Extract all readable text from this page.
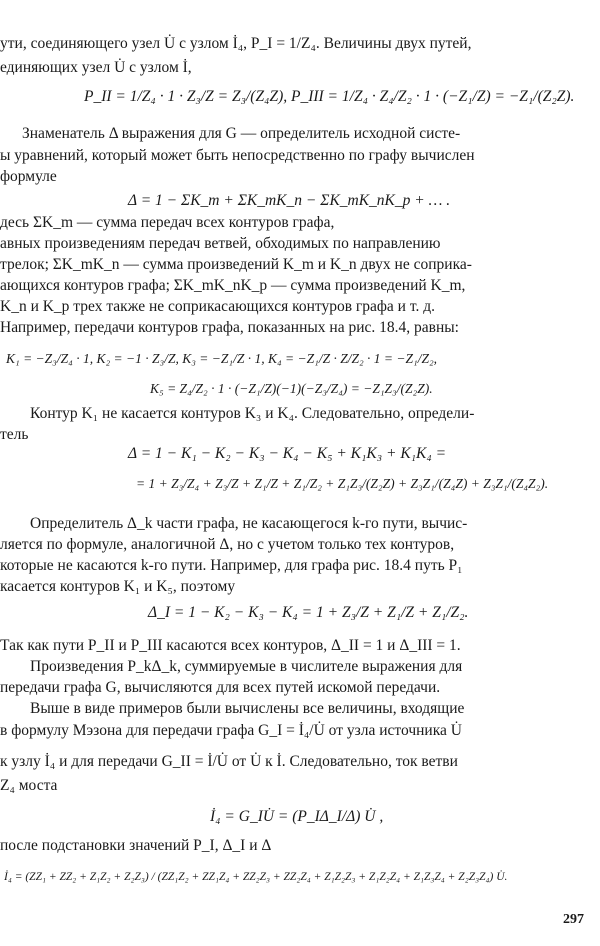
ути, соединяющего узел U̇ с узлом İ₄, P_I = 1/Z₄. Величины двух путей,
единяющих узел U̇ с узлом İ,
P_II = 1/Z₄ · 1 · Z₃/Z = Z₃/(Z₄Z), P_III = 1/Z₄ · Z₄/Z₂ · 1 · (−Z₁/Z) = −Z₁/(Z₂Z).
Знаменатель Δ выражения для G — определитель исходной систе-
ы уравнений, который может быть непосредственно по графу вычислен
формуле
Δ = 1 − ΣK_m + ΣK_mK_n − ΣK_mK_nK_p + … .
десь ΣK_m — сумма передач всех контуров графа,
авных произведениям передач ветвей, обходимых по направлению
трелок; ΣK_mK_n — сумма произведений K_m и K_n двух не соприка-
ающихся контуров графа; ΣK_mK_nK_p — сумма произведений K_m,
K_n и K_p трех также не соприкасающихся контуров графа и т. д.
Например, передачи контуров графа, показанных на рис. 18.4, равны:
K₁ = −Z₃/Z₄ · 1, K₂ = −1 · Z₃/Z, K₃ = −Z₁/Z · 1, K₄ = −Z₁/Z · Z/Z₂ · 1 = −Z₁/Z₂,
K₅ = Z₄/Z₂ · 1 · (−Z₁/Z)(−1)(−Z₃/Z₄) = −Z₁Z₃/(Z₂Z).
Контур K₁ не касается контуров K₃ и K₄. Следовательно, определи-
тель
Δ = 1 − K₁ − K₂ − K₃ − K₄ − K₅ + K₁K₃ + K₁K₄ =
= 1 + Z₃/Z₄ + Z₃/Z + Z₁/Z + Z₁/Z₂ + Z₁Z₃/(Z₂Z) + Z₃Z₁/(Z₄Z) + Z₃Z₁/(Z₄Z₂).
Определитель Δ_k части графа, не касающегося k-го пути, вычис-
ляется по формуле, аналогичной Δ, но с учетом только тех контуров,
которые не касаются k-го пути. Например, для графа рис. 18.4 путь P₁
касается контуров K₁ и K₅, поэтому
Δ_I = 1 − K₂ − K₃ − K₄ = 1 + Z₃/Z + Z₁/Z + Z₁/Z₂.
Так как пути P_II и P_III касаются всех контуров, Δ_II = 1 и Δ_III = 1.
Произведения P_kΔ_k, суммируемые в числителе выражения для
передачи графа G, вычисляются для всех путей искомой передачи.
Выше в виде примеров были вычислены все величины, входящие
в формулу Мэзона для передачи графа G_I = İ₄/U̇ от узла источника U̇
к узлу İ₄ и для передачи G_II = İ/U̇ от U̇ к İ. Следовательно, ток ветви
Z₄ моста
İ₄ = G_IU̇ = (P_IΔ_I/Δ) U̇ ,
после подстановки значений P_I, Δ_I и Δ
İ₄ = (ZZ₁ + ZZ₂ + Z₁Z₂ + Z₂Z₃) / (ZZ₁Z₂ + ZZ₁Z₄ + ZZ₂Z₃ + ZZ₂Z₄ + Z₁Z₂Z₃ + Z₁Z₂Z₄ + Z₁Z₃Z₄ + Z₂Z₃Z₄) U̇.
297
